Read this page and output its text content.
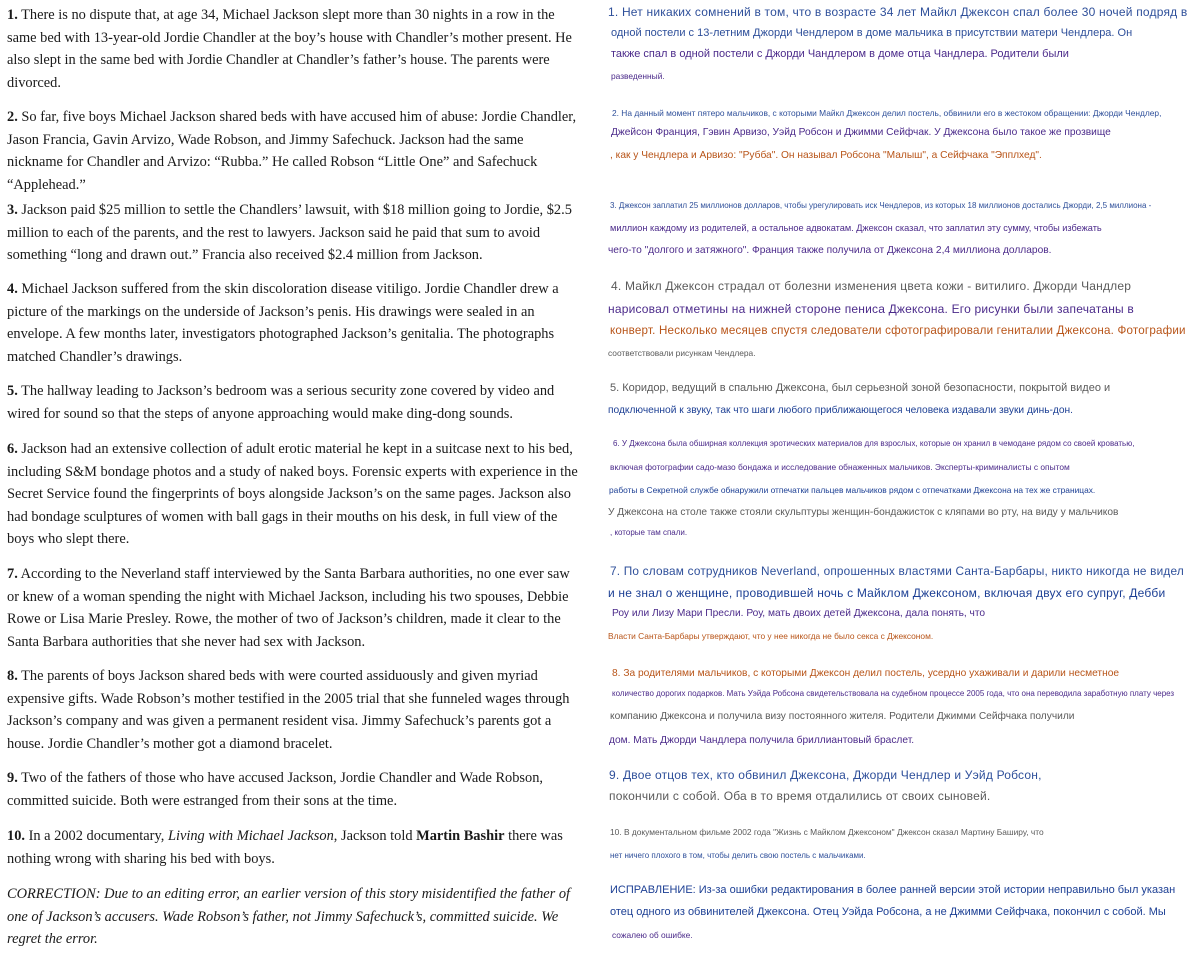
1. There is no dispute that, at age 34, Michael Jackson slept more than 30 nights in a row in the same bed with 13-year-old Jordie Chandler at the boy’s house with Chandler’s mother present. He also slept in the same bed with Jordie Chandler at Chandler’s father’s house. The parents were divorced.

2. So far, five boys Michael Jackson shared beds with have accused him of abuse: Jordie Chandler, Jason Francia, Gavin Arvizo, Wade Robson, and Jimmy Safechuck. Jackson had the same nickname for Chandler and Arvizo: “Rubba.” He called Robson “Little One” and Safechuck “Applehead.”

3. Jackson paid $25 million to settle the Chandlers’ lawsuit, with $18 million going to Jordie, $2.5 million to each of the parents, and the rest to lawyers. Jackson said he paid that sum to avoid something “long and drawn out.” Francia also received $2.4 million from Jackson.

4. Michael Jackson suffered from the skin discoloration disease vitiligo. Jordie Chandler drew a picture of the markings on the underside of Jackson’s penis. His drawings were sealed in an envelope. A few months later, investigators photographed Jackson’s genitalia. The photographs matched Chandler’s drawings.

5. The hallway leading to Jackson’s bedroom was a serious security zone covered by video and wired for sound so that the steps of anyone approaching would make ding-dong sounds.

6. Jackson had an extensive collection of adult erotic material he kept in a suitcase next to his bed, including S&M bondage photos and a study of naked boys. Forensic experts with experience in the Secret Service found the fingerprints of boys alongside Jackson’s on the same pages. Jackson also had bondage sculptures of women with ball gags in their mouths on his desk, in full view of the boys who slept there.

7. According to the Neverland staff interviewed by the Santa Barbara authorities, no one ever saw or knew of a woman spending the night with Michael Jackson, including his two spouses, Debbie Rowe or Lisa Marie Presley. Rowe, the mother of two of Jackson’s children, made it clear to the Santa Barbara authorities that she never had sex with Jackson.

8. The parents of boys Jackson shared beds with were courted assiduously and given myriad expensive gifts. Wade Robson’s mother testified in the 2005 trial that she funneled wages through Jackson’s company and was given a permanent resident visa. Jimmy Safechuck’s parents got a house. Jordie Chandler’s mother got a diamond bracelet.

9. Two of the fathers of those who have accused Jackson, Jordie Chandler and Wade Robson, committed suicide. Both were estranged from their sons at the time.

10. In a 2002 documentary, Living with Michael Jackson, Jackson told Martin Bashir there was nothing wrong with sharing his bed with boys.

CORRECTION: Due to an editing error, an earlier version of this story misidentified the father of one of Jackson’s accusers. Wade Robson’s father, not Jimmy Safechuck’s, committed suicide. We regret the error.

1. Нет никаких сомнений в том, что в возрасте 34 лет Майкл Джексон спал более 30 ночей подряд в
одной постели с 13-летним Джорди Чендлером в доме мальчика в присутствии матери Чендлера. Он
также спал в одной постели с Джорди Чандлером в доме отца Чандлера. Родители были
разведенный.
2. На данный момент пятеро мальчиков, с которыми Майкл Джексон делил постель, обвинили его в жестоком обращении: Джорди Чендлер,
Джейсон Франция, Гэвин Арвизо, Уэйд Робсон и Джимми Сейфчак. У Джексона было такое же прозвище
, как у Чендлера и Арвизо: "Рубба". Он называл Робсона "Малыш", а Сейфчака "Эпплхед".
3. Джексон заплатил 25 миллионов долларов, чтобы урегулировать иск Чендлеров, из которых 18 миллионов достались Джорди, 2,5 миллиона -
миллион каждому из родителей, а остальное адвокатам. Джексон сказал, что заплатил эту сумму, чтобы избежать
чего-то "долгого и затяжного". Франция также получила от Джексона 2,4 миллиона долларов.
4. Майкл Джексон страдал от болезни изменения цвета кожи - витилиго. Джорди Чандлер
нарисовал отметины на нижней стороне пениса Джексона. Его рисунки были запечатаны в
конверт. Несколько месяцев спустя следователи сфотографировали гениталии Джексона. Фотографии
соответствовали рисункам Чендлера.
5. Коридор, ведущий в спальню Джексона, был серьезной зоной безопасности, покрытой видео и
подключенной к звуку, так что шаги любого приближающегося человека издавали звуки динь-дон.
6. У Джексона была обширная коллекция эротических материалов для взрослых, которые он хранил в чемодане рядом со своей кроватью,
включая фотографии садо-мазо бондажа и исследование обнаженных мальчиков. Эксперты-криминалисты с опытом
работы в Секретной службе обнаружили отпечатки пальцев мальчиков рядом с отпечатками Джексона на тех же страницах.
У Джексона на столе также стояли скульптуры женщин-бондажисток с кляпами во рту, на виду у мальчиков
, которые там спали.
7. По словам сотрудников Neverland, опрошенных властями Санта-Барбары, никто никогда не видел
и не знал о женщине, проводившей ночь с Майклом Джексоном, включая двух его супруг, Дебби
Роу или Лизу Мари Пресли. Роу, мать двоих детей Джексона, дала понять, что
Власти Санта-Барбары утверждают, что у нее никогда не было секса с Джексоном.
8. За родителями мальчиков, с которыми Джексон делил постель, усердно ухаживали и дарили несметное
количество дорогих подарков. Мать Уэйда Робсона свидетельствовала на судебном процессе 2005 года, что она переводила заработную плату через
компанию Джексона и получила визу постоянного жителя. Родители Джимми Сейфчака получили
дом. Мать Джорди Чандлера получила бриллиантовый браслет.
9. Двое отцов тех, кто обвинил Джексона, Джорди Чендлер и Уэйд Робсон,
покончили с собой. Оба в то время отдалились от своих сыновей.
10. В документальном фильме 2002 года "Жизнь с Майклом Джексоном" Джексон сказал Мартину Баширу, что
нет ничего плохого в том, чтобы делить свою постель с мальчиками.
ИСПРАВЛЕНИЕ: Из-за ошибки редактирования в более ранней версии этой истории неправильно был указан
отец одного из обвинителей Джексона. Отец Уэйда Робсона, а не Джимми Сейфчака, покончил с собой. Мы
сожалею об ошибке.
